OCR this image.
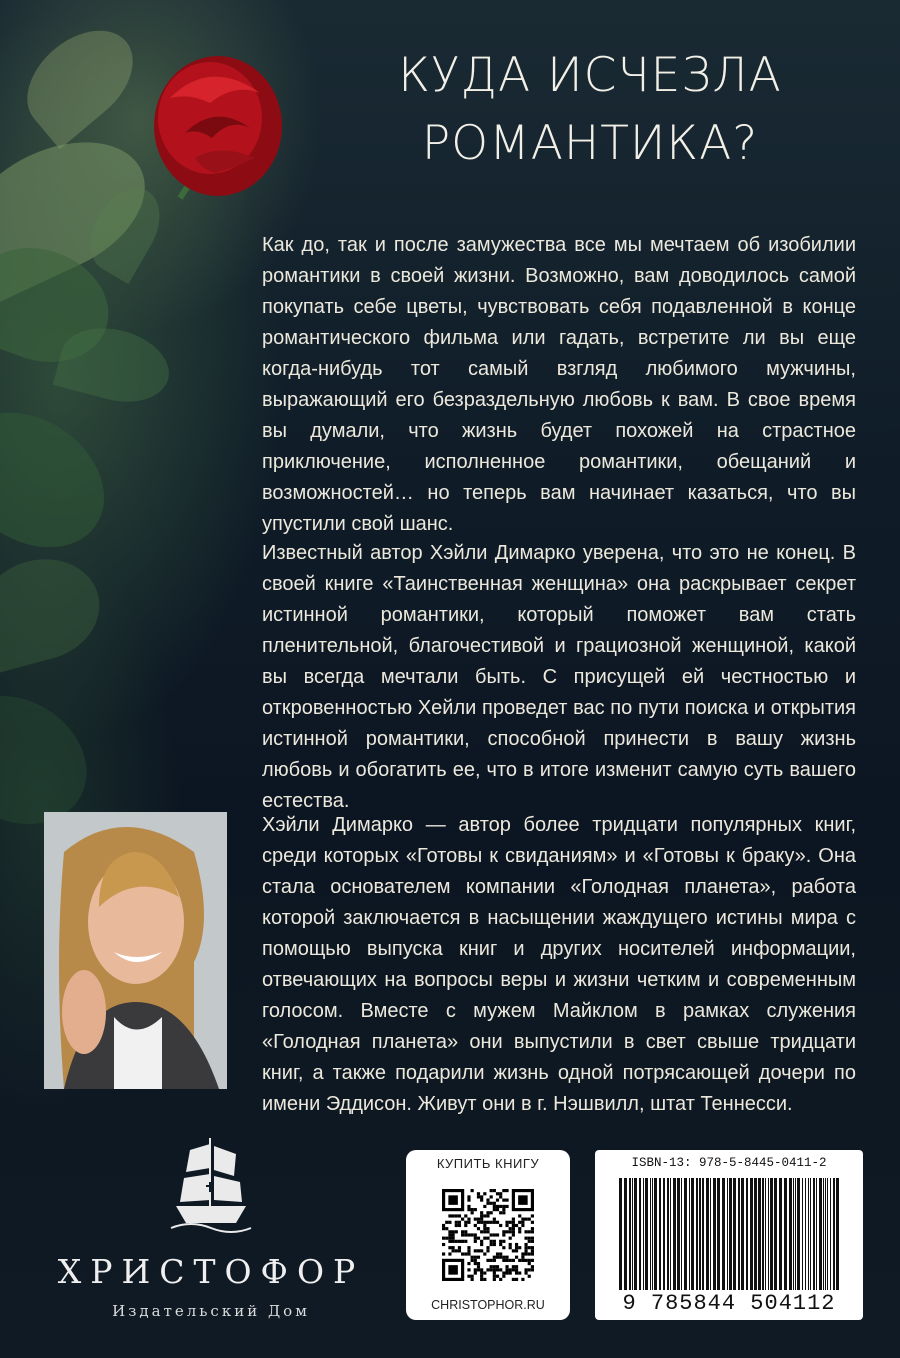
КУДА ИСЧЕЗЛА
РОМАНТИКА?

Как до, так и после замужества все мы мечтаем об изобилии романтики в своей жизни. Возможно, вам доводилось самой покупать себе цветы, чувствовать себя подавленной в конце романтического фильма или гадать, встретите ли вы еще когда-нибудь тот самый взгляд любимого мужчины, выражающий его безраздельную любовь к вам. В свое время вы думали, что жизнь будет похожей на страстное приключение, исполненное романтики, обещаний и возможностей… но теперь вам начинает казаться, что вы упустили свой шанс.

Известный автор Хэйли Димарко уверена, что это не конец. В своей книге «Таинственная женщина» она раскрывает секрет истинной романтики, который поможет вам стать пленительной, благочестивой и грациозной женщиной, какой вы всегда мечтали быть. С присущей ей честностью и откровенностью Хейли проведет вас по пути поиска и открытия истинной романтики, способной принести в вашу жизнь любовь и обогатить ее, что в итоге изменит самую суть вашего естества.

Хэйли Димарко — автор более тридцати популярных книг, среди которых «Готовы к свиданиям» и «Готовы к браку». Она стала основателем компании «Голодная планета», работа которой заключается в насыщении жаждущего истины мира с помощью выпуска книг и других носителей информации, отвечающих на вопросы веры и жизни четким и современным голосом. Вместе с мужем Майклом в рамках служения «Голодная планета» они выпустили в свет свыше тридцати книг, а также подарили жизнь одной потрясающей дочери по имени Эддисон. Живут они в г. Нэшвилл, штат Теннесси.

ХРИСТОФОР
Издательский Дом
КУПИТЬ КНИГУ
CHRISTOPHOR.RU
ISBN-13: 978-5-8445-0411-2
9 785844 504112
